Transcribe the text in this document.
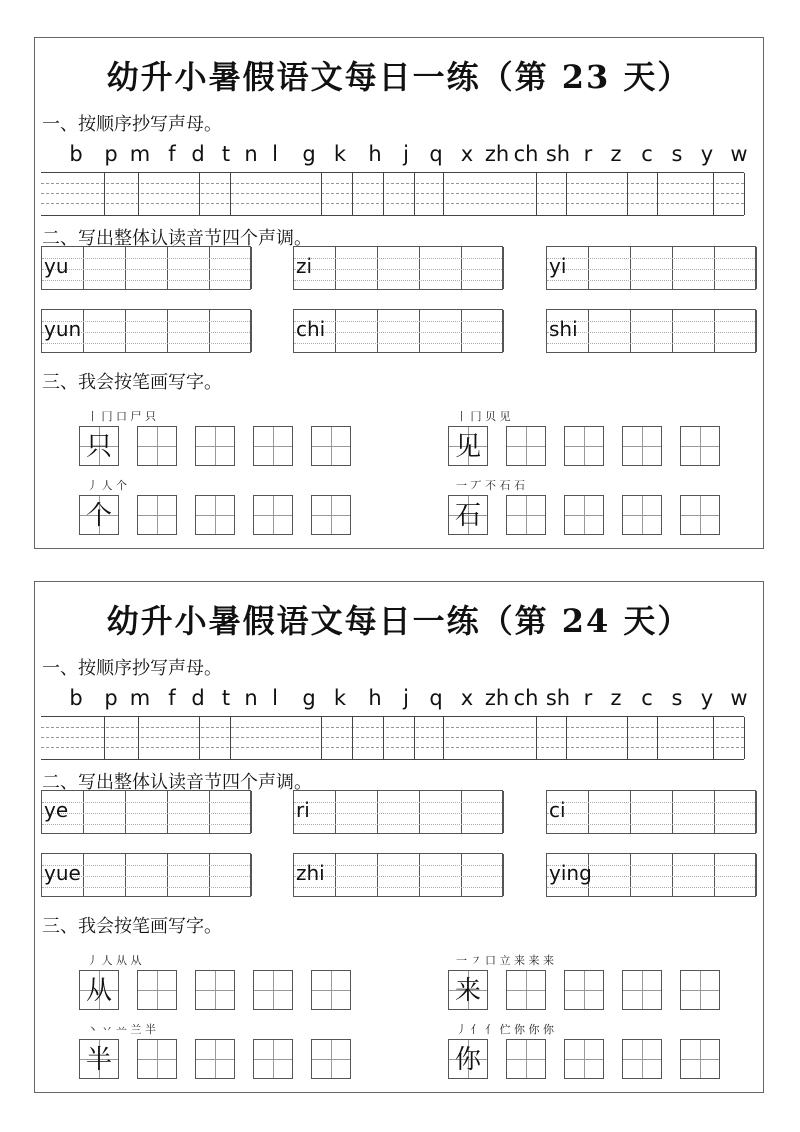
幼升小暑假语文每日一练（第 23 天）
一、按顺序抄写声母。
b p m f d t n l g k h j q x zh ch sh r z c s y w
二、写出整体认读音节四个声调。
yu	zi	yi
yun	chi	shi
三、我会按笔画写字。
丨 冂 口 尸 只
只
丨 冂 贝 见
见
丿 人 个
个
一 丆 不 石 石
石
幼升小暑假语文每日一练（第 24 天）
一、按顺序抄写声母。
b p m f d t n l g k h j q x zh ch sh r z c s y w
二、写出整体认读音节四个声调。
ye	ri	ci
yue	zhi	ying
三、我会按笔画写字。
丿 人 从 从
从
一 ㇇ 口 立 来 来 来
来
丶 丷 䒑 兰 半
半
丿 亻 亻 伫 你 你 你
你
